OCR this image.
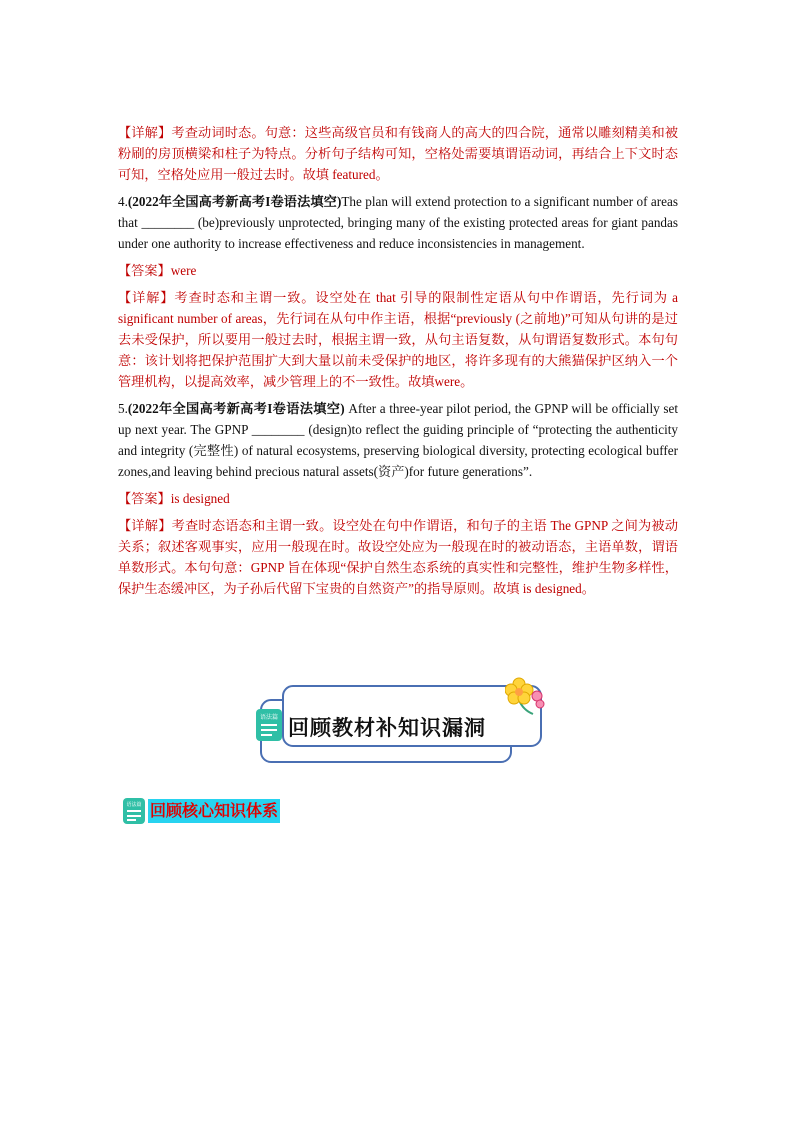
【详解】考查动词时态。句意：这些高级官员和有钱商人的高大的四合院，通常以雕刻精美和被粉刷的房顶横梁和柱子为特点。分析句子结构可知，空格处需要填谓语动词，再结合上下文时态可知，空格处应用一般过去时。故填 featured。

4.(2022年全国高考新高考I卷语法填空)The plan will extend protection to a significant number of areas that ________ (be)previously unprotected, bringing many of the existing protected areas for giant pandas under one authority to increase effectiveness and reduce inconsistencies in management.

【答案】were

【详解】考查时态和主谓一致。设空处在 that 引导的限制性定语从句中作谓语，先行词为 a significant number of areas，先行词在从句中作主语，根据“previously (之前地)”可知从句讲的是过去未受保护，所以要用一般过去时，根据主谓一致，从句主语复数，从句谓语复数形式。本句句意：该计划将把保护范围扩大到大量以前未受保护的地区，将许多现有的大熊猫保护区纳入一个管理机构，以提高效率，减少管理上的不一致性。故填were。

5.(2022年全国高考新高考I卷语法填空) After a three-year pilot period, the GPNP will be officially set up next year. The GPNP ________ (design)to reflect the guiding principle of “protecting the authenticity and integrity (完整性) of natural ecosystems, preserving biological diversity, protecting ecological buffer zones,and leaving behind precious natural assets(资产)for future generations”.

【答案】is designed

【详解】考查时态语态和主谓一致。设空处在句中作谓语，和句子的主语 The GPNP 之间为被动关系；叙述客观事实，应用一般现在时。故设空处应为一般现在时的被动语态，主语单数，谓语单数形式。本句句意：GPNP 旨在体现“保护自然生态系统的真实性和完整性，维护生物多样性，保护生态缓冲区，为子孙后代留下宝贵的自然资产”的指导原则。故填 is designed。

回顾教材补知识漏洞
语法篇
语法篇 回顾核心知识体系
